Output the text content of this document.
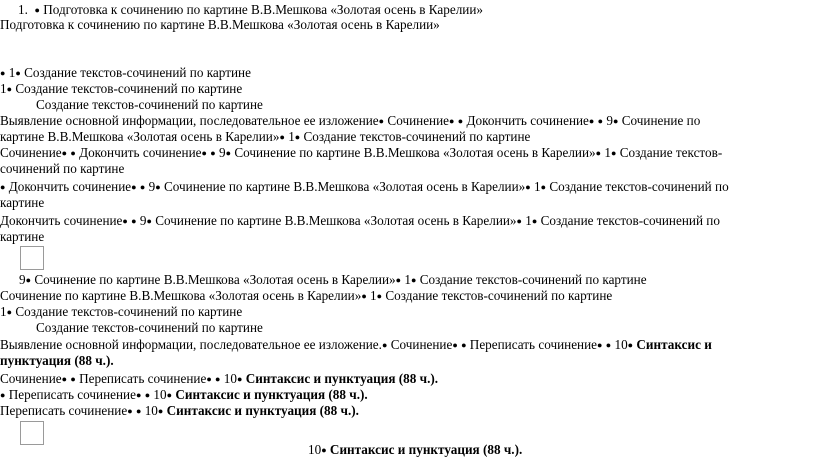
1. ● Подготовка к сочинению по картине В.В.Мешкова «Золотая осень в Карелии»
Подготовка к сочинению по картине В.В.Мешкова «Золотая осень в Карелии»
● 1● Создание текстов-сочинений по картине
1● Создание текстов-сочинений по картине
Создание текстов-сочинений по картине
Выявление основной информации, последовательное ее изложение● Сочинение● ● Докончить сочинение● ● 9● Сочинение по
картине В.В.Мешкова «Золотая осень в Карелии»● 1● Создание текстов-сочинений по картине
Сочинение● ● Докончить сочинение● ● 9● Сочинение по картине В.В.Мешкова «Золотая осень в Карелии»● 1● Создание текстов-
сочинений по картине
● Докончить сочинение● ● 9● Сочинение по картине В.В.Мешкова «Золотая осень в Карелии»● 1● Создание текстов-сочинений по
картине
Докончить сочинение● ● 9● Сочинение по картине В.В.Мешкова «Золотая осень в Карелии»● 1● Создание текстов-сочинений по
картине
9● Сочинение по картине В.В.Мешкова «Золотая осень в Карелии»● 1● Создание текстов-сочинений по картине
Сочинение по картине В.В.Мешкова «Золотая осень в Карелии»● 1● Создание текстов-сочинений по картине
1● Создание текстов-сочинений по картине
Создание текстов-сочинений по картине
Выявление основной информации, последовательное ее изложение.● Сочинение● ● Переписать сочинение● ● 10● Синтаксис и
пунктуация (88 ч.).
Сочинение● ● Переписать сочинение● ● 10● Синтаксис и пунктуация (88 ч.).
● Переписать сочинение● ● 10● Синтаксис и пунктуация (88 ч.).
Переписать сочинение● ● 10● Синтаксис и пунктуация (88 ч.).
10● Синтаксис и пунктуация (88 ч.).
